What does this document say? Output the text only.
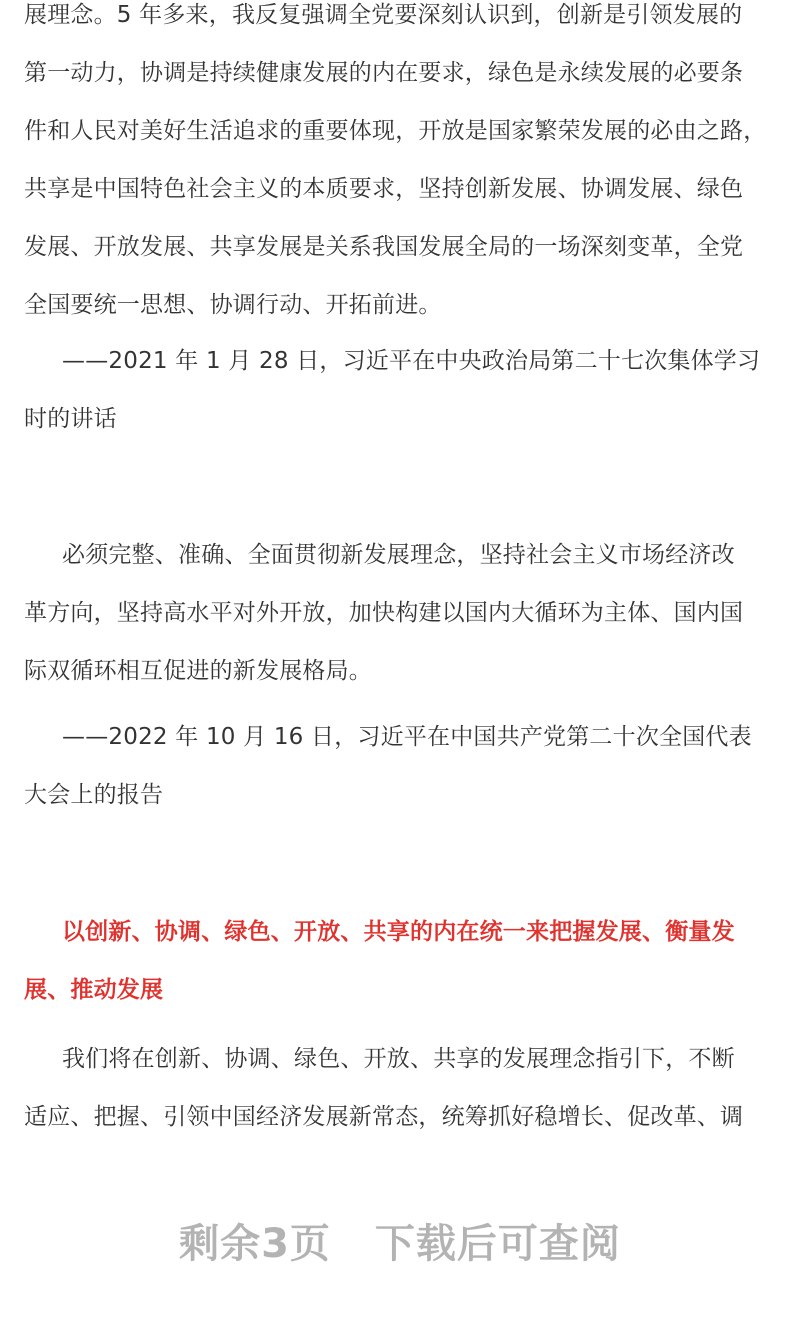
展理念。5 年多来，我反复强调全党要深刻认识到，创新是引领发展的
第一动力，协调是持续健康发展的内在要求，绿色是永续发展的必要条
件和人民对美好生活追求的重要体现，开放是国家繁荣发展的必由之路，
共享是中国特色社会主义的本质要求，坚持创新发展、协调发展、绿色
发展、开放发展、共享发展是关系我国发展全局的一场深刻变革，全党
全国要统一思想、协调行动、开拓前进。
——2021 年 1 月 28 日，习近平在中央政治局第二十七次集体学习
时的讲话
必须完整、准确、全面贯彻新发展理念，坚持社会主义市场经济改
革方向，坚持高水平对外开放，加快构建以国内大循环为主体、国内国
际双循环相互促进的新发展格局。
——2022 年 10 月 16 日，习近平在中国共产党第二十次全国代表
大会上的报告
以创新、协调、绿色、开放、共享的内在统一来把握发展、衡量发
展、推动发展
我们将在创新、协调、绿色、开放、共享的发展理念指引下，不断
适应、把握、引领中国经济发展新常态，统筹抓好稳增长、促改革、调
剩余3页 下载后可查阅
